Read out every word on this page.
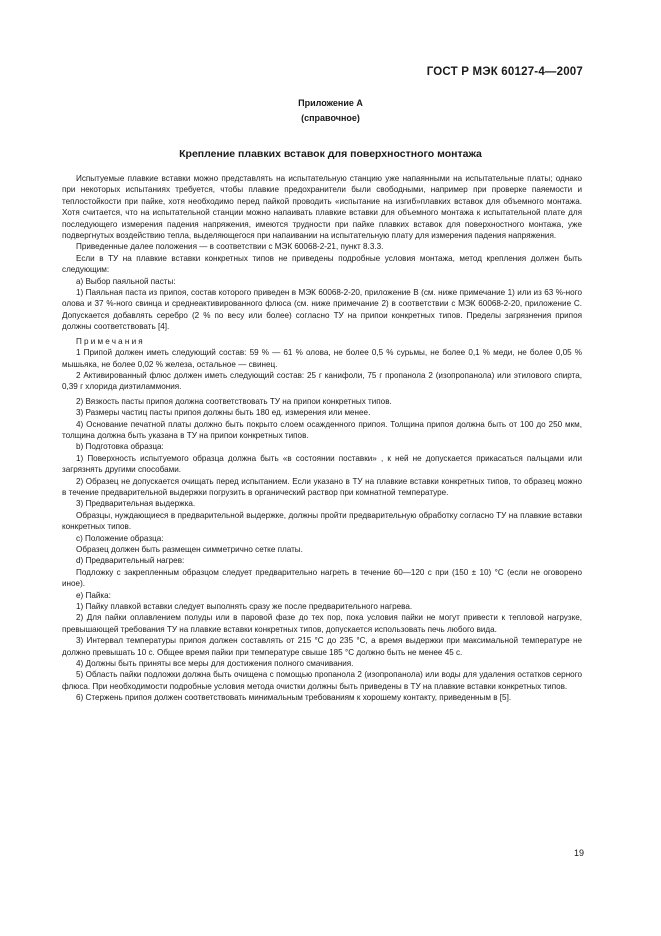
ГОСТ Р МЭК 60127-4—2007
Приложение А
(справочное)
Крепление плавких вставок для поверхностного монтажа

Испытуемые плавкие вставки можно представлять на испытательную станцию уже напаянными на испытательные платы; однако при некоторых испытаниях требуется, чтобы плавкие предохранители были свободными, например при проверке паяемости и теплостойкости при пайке, хотя необходимо перед пайкой проводить «испытание на изгиб»плавких вставок для объемного монтажа. Хотя считается, что на испытательной станции можно напаивать плавкие вставки для объемного монтажа к испытательной плате для последующего измерения падения напряжения, имеются трудности при пайке плавких вставок для поверхностного монтажа, уже подвергнутых воздействию тепла, выделяющегося при напаивании на испытательную плату для измерения падения напряжения.

Приведенные далее положения — в соответствии с МЭК 60068-2-21, пункт 8.3.3.

Если в ТУ на плавкие вставки конкретных типов не приведены подробные условия монтажа, метод крепления должен быть следующим:

а) Выбор паяльной пасты:

1) Паяльная паста из припоя, состав которого приведен в МЭК 60068-2-20, приложение В (см. ниже примечание 1) или из 63 %-ного олова и 37 %-ного свинца и среднеактивированного флюса (см. ниже примечание 2) в соответствии с МЭК 60068-2-20, приложение С. Допускается добавлять серебро (2 % по весу или более) согласно ТУ на припои конкретных типов. Пределы загрязнения припоя должны соответствовать [4].

Примечания

1 Припой должен иметь следующий состав: 59 % — 61 % олова, не более 0,5 % сурьмы, не более 0,1 % меди, не более 0,05 % мышьяка, не более 0,02 % железа, остальное — свинец.

2 Активированный флюс должен иметь следующий состав: 25 г канифоли, 75 г пропанола 2 (изопропанола) или этилового спирта, 0,39 г хлорида диэтиламмония.

2) Вязкость пасты припоя должна соответствовать ТУ на припои конкретных типов.

3) Размеры частиц пасты припоя должны быть 180 ед. измерения или менее.

4) Основание печатной платы должно быть покрыто слоем осажденного припоя. Толщина припоя должна быть от 100 до 250 мкм, толщина должна быть указана в ТУ на припои конкретных типов.

b) Подготовка образца:

1) Поверхность испытуемого образца должна быть «в состоянии поставки» , к ней не допускается прикасаться пальцами или загрязнять другими способами.

2) Образец не допускается очищать перед испытанием. Если указано в ТУ на плавкие вставки конкретных типов, то образец можно в течение предварительной выдержки погрузить в органический раствор при комнатной температуре.

3) Предварительная выдержка.

Образцы, нуждающиеся в предварительной выдержке, должны пройти предварительную обработку согласно ТУ на плавкие вставки конкретных типов.

с) Положение образца:

Образец должен быть размещен симметрично сетке платы.

d) Предварительный нагрев:

Подложку с закрепленным образцом следует предварительно нагреть в течение 60—120 с при (150 ± 10) °С (если не оговорено иное).

е) Пайка:

1) Пайку плавкой вставки следует выполнять сразу же после предварительного нагрева.

2) Для пайки оплавлением полуды или в паровой фазе до тех пор, пока условия пайки не могут привести к тепловой нагрузке, превышающей требования ТУ на плавкие вставки конкретных типов, допускается использовать печь любого вида.

3) Интервал температуры припоя должен составлять от 215 °С до 235 °С, а время выдержки при максимальной температуре не должно превышать 10 с. Общее время пайки при температуре свыше 185 °С должно быть не менее 45 с.

4) Должны быть приняты все меры для достижения полного смачивания.

5) Область пайки подложки должна быть очищена с помощью пропанола 2 (изопропанола) или воды для удаления остатков серного флюса. При необходимости подробные условия метода очистки должны быть приведены в ТУ на плавкие вставки конкретных типов.

6) Стержень припоя должен соответствовать минимальным требованиям к хорошему контакту, приведенным в [5].

19
